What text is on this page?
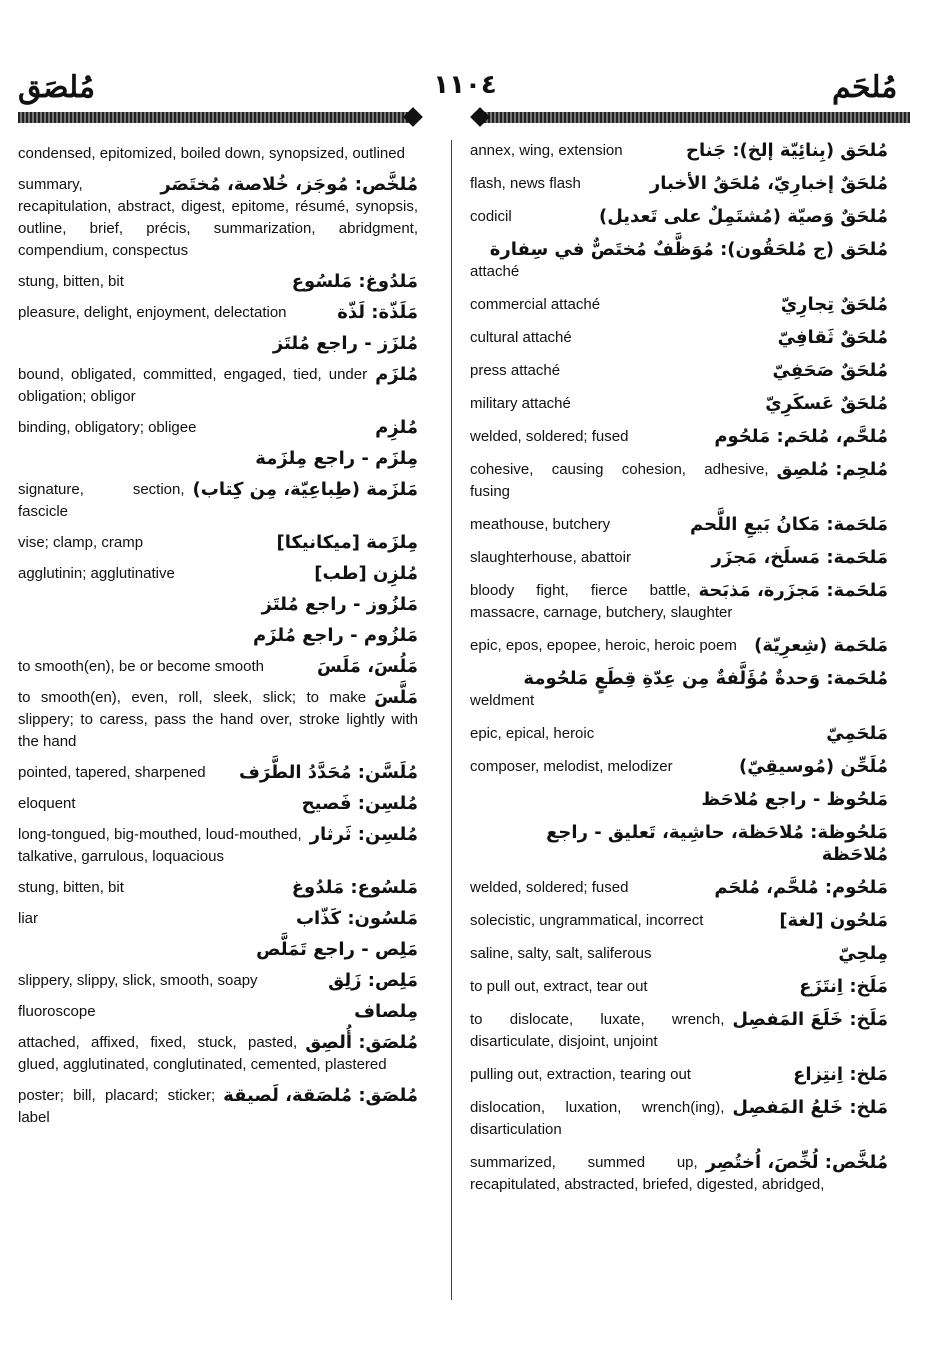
مُلحَم
١١٠٤
مُلصَق
condensed, epitomized, boiled down, synopsized, outlined
مُلخَّص: مُوجَز، خُلاصة، مُختَصَر
summary, recapitulation, abstract, digest, epitome, résumé, synopsis, outline, brief, précis, summarization, abridgment, compendium, conspectus
مَلدُوغ: مَلسُوع
stung, bitten, bit
مَلَذّة: لَذّة
pleasure, delight, enjoyment, delectation
مُلزَز - راجع مُلتَز
مُلزَم
bound, obligated, committed, engaged, tied, under obligation; obligor
مُلزِم
binding, obligatory; obligee
مِلزَم - راجع مِلزَمة
مَلزَمة (طِباعِيّة، مِن كِتاب)
signature, section, fascicle
مِلزَمة [ميكانيكا]
vise; clamp, cramp
مُلزِن [طب]
agglutinin; agglutinative
مَلزُوز - راجع مُلتَز
مَلزُوم - راجع مُلزَم
مَلُسَ، مَلَسَ
to smooth(en), be or become smooth
مَلَّسَ
to smooth(en), even, roll, sleek, slick; to make slippery; to caress, pass the hand over, stroke lightly with the hand
مُلَسَّن: مُحَدَّدُ الطَّرَف
pointed, tapered, sharpened
مُلسِن: فَصيح
eloquent
مُلسِن: ثَرثار
long-tongued, big-mouthed, loud-mouthed, talkative, garrulous, loquacious
مَلسُوع: مَلدُوغ
stung, bitten, bit
مَلسُون: كَذّاب
liar
مَلِص - راجع تَمَلَّص
مَلِص: زَلِق
slippery, slippy, slick, smooth, soapy
مِلصاف
fluoroscope
مُلصَق: أُلصِق
attached, affixed, fixed, stuck, pasted, glued, agglutinated, conglutinated, cemented, plastered
مُلصَق: مُلصَقة، لَصيقة
poster; bill, placard; sticker; label
مُلحَق (بِنائِيّة إلخ): جَناح
annex, wing, extension
مُلحَقٌ إخبارِيّ، مُلحَقُ الأخبار
flash, news flash
مُلحَقٌ وَصيّة (مُشتَمِلٌ على تَعديل)
codicil
مُلحَق (ج مُلحَقُون): مُوَظَّفٌ مُختَصٌّ في سِفارة
attaché
مُلحَقٌ تِجارِيّ
commercial attaché
مُلحَقٌ ثَقافِيّ
cultural attaché
مُلحَقٌ صَحَفِيّ
press attaché
مُلحَقٌ عَسكَرِيّ
military attaché
مُلحَّم، مُلحَم: مَلحُوم
welded, soldered; fused
مُلحِم: مُلصِق
cohesive, causing cohesion, adhesive, fusing
مَلحَمة: مَكانُ بَيعِ اللَّحم
meathouse, butchery
مَلحَمة: مَسلَخ، مَجزَر
slaughterhouse, abattoir
مَلحَمة: مَجزَرة، مَذبَحة
bloody fight, fierce battle, massacre, carnage, butchery, slaughter
مَلحَمة (شِعرِيّة)
epic, epos, epopee, heroic, heroic poem
مُلحَمة: وَحدةٌ مُؤَلَّفةٌ مِن عِدّةِ قِطَعٍ مَلحُومة
weldment
مَلحَمِيّ
epic, epical, heroic
مُلَحِّن (مُوسيقِيّ)
composer, melodist, melodizer
مَلحُوظ - راجع مُلاحَظ
مَلحُوظة: مُلاحَظة، حاشِية، تَعليق - راجع مُلاحَظة
مَلحُوم: مُلحَّم، مُلحَم
welded, soldered; fused
مَلحُون [لغة]
solecistic, ungrammatical, incorrect
مِلحِيّ
saline, salty, salt, saliferous
مَلَخ: اِنتَزَع
to pull out, extract, tear out
مَلَخ: خَلَعَ المَفصِل
to dislocate, luxate, wrench, disarticulate, disjoint, unjoint
مَلخ: اِنتِزاع
pulling out, extraction, tearing out
مَلخ: خَلعُ المَفصِل
dislocation, luxation, wrench(ing), disarticulation
مُلخَّص: لُخِّصَ، اُختُصِر
summarized, summed up, recapitulated, abstracted, briefed, digested, abridged,
